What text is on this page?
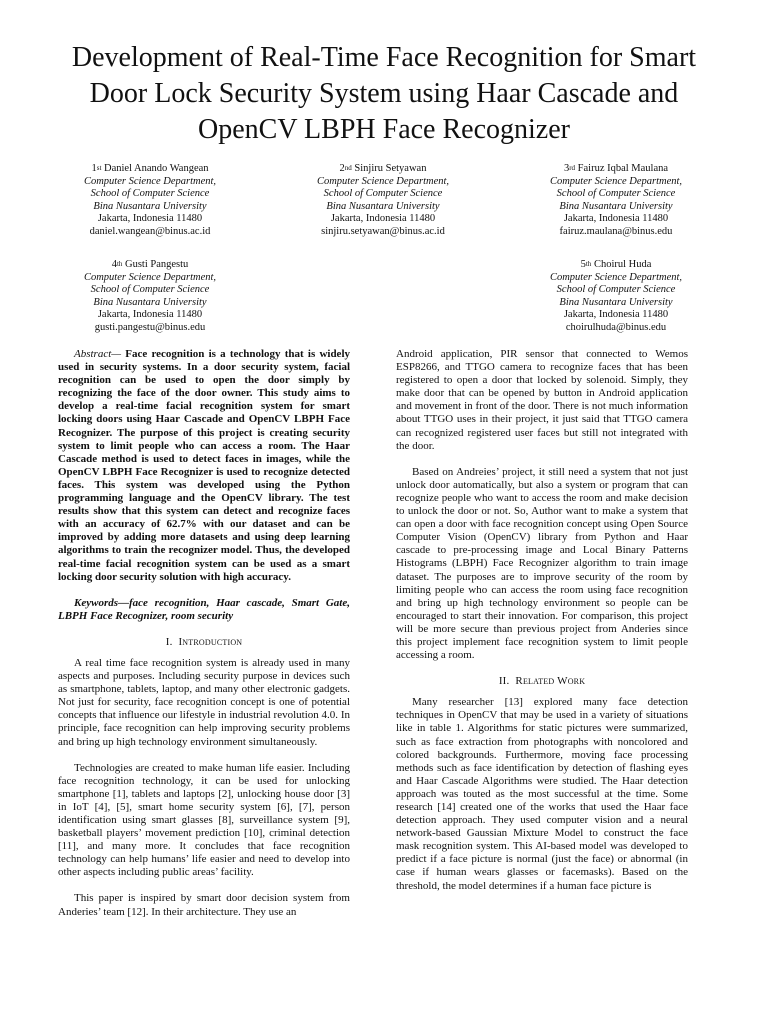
Development of Real-Time Face Recognition for Smart Door Lock Security System using Haar Cascade and OpenCV LBPH Face Recognizer
1st Daniel Anando Wangean
Computer Science Department,
School of Computer Science
Bina Nusantara University
Jakarta, Indonesia 11480
daniel.wangean@binus.ac.id
2nd Sinjiru Setyawan
Computer Science Department,
School of Computer Science
Bina Nusantara University
Jakarta, Indonesia 11480
sinjiru.setyawan@binus.ac.id
3rd Fairuz Iqbal Maulana
Computer Science Department,
School of Computer Science
Bina Nusantara University
Jakarta, Indonesia 11480
fairuz.maulana@binus.edu
4th Gusti Pangestu
Computer Science Department,
School of Computer Science
Bina Nusantara University
Jakarta, Indonesia 11480
gusti.pangestu@binus.edu
5th Choirul Huda
Computer Science Department,
School of Computer Science
Bina Nusantara University
Jakarta, Indonesia 11480
choirulhuda@binus.edu

Abstract— Face recognition is a technology that is widely used in security systems. In a door security system, facial recognition can be used to open the door simply by recognizing the face of the door owner. This study aims to develop a real-time facial recognition system for smart locking doors using Haar Cascade and OpenCV LBPH Face Recognizer. The purpose of this project is creating security system to limit people who can access a room. The Haar Cascade method is used to detect faces in images, while the OpenCV LBPH Face Recognizer is used to recognize detected faces. This system was developed using the Python programming language and the OpenCV library. The test results show that this system can detect and recognize faces with an accuracy of 62.7% with our dataset and can be improved by adding more datasets and using deep learning algorithms to train the recognizer model. Thus, the developed real-time facial recognition system can be used as a smart locking door security solution with high accuracy.

Keywords—face recognition, Haar cascade, Smart Gate, LBPH Face Recognizer, room security

I. Introduction

A real time face recognition system is already used in many aspects and purposes. Including security purpose in devices such as smartphone, tablets, laptop, and many other electronic gadgets. Not just for security, face recognition concept is one of potential concepts that influence our lifestyle in industrial revolution 4.0. In principle, face recognition can help improving security problems and bring up high technology environment simultaneously.

Technologies are created to make human life easier. Including face recognition technology, it can be used for unlocking smartphone [1], tablets and laptops [2], unlocking house door [3] in IoT [4], [5], smart home security system [6], [7], person identification using smart glasses [8], surveillance system [9], basketball players’ movement prediction [10], criminal detection [11], and many more. It concludes that face recognition technology can help humans’ life easier and need to develop into other aspects including public areas’ facility.

This paper is inspired by smart door decision system from Anderies’ team [12]. In their architecture. They use an

Android application, PIR sensor that connected to Wemos ESP8266, and TTGO camera to recognize faces that has been registered to open a door that locked by solenoid. Simply, they make door that can be opened by button in Android application and movement in front of the door. There is not much information about TTGO uses in their project, it just said that TTGO camera can recognized registered user faces but still not integrated with the door.

Based on Andreies’ project, it still need a system that not just unlock door automatically, but also a system or program that can recognize people who want to access the room and make decision to unlock the door or not. So, Author want to make a system that can open a door with face recognition concept using Open Source Computer Vision (OpenCV) library from Python and Haar cascade to pre-processing image and Local Binary Patterns Histograms (LBPH) Face Recognizer algorithm to train image dataset. The purposes are to improve security of the room by limiting people who can access the room using face recognition and bring up high technology environment so people can be encouraged to start their innovation. For comparison, this project will be more secure than previous project from Anderies since this project implement face recognition system to limit people accessing a room.

II. Related Work

Many researcher [13] explored many face detection techniques in OpenCV that may be used in a variety of situations like in table 1. Algorithms for static pictures were summarized, such as face extraction from photographs with noncolored and colored backgrounds. Furthermore, moving face processing methods such as face identification by detection of flashing eyes and Haar Cascade Algorithms were studied. The Haar detection approach was touted as the most successful at the time. Some research [14] created one of the works that used the Haar face detection approach. They used computer vision and a neural network-based Gaussian Mixture Model to construct the face mask recognition system. This AI-based model was developed to predict if a face picture is normal (just the face) or abnormal (in case if human wears glasses or facemasks). Based on the threshold, the model determines if a human face picture is
